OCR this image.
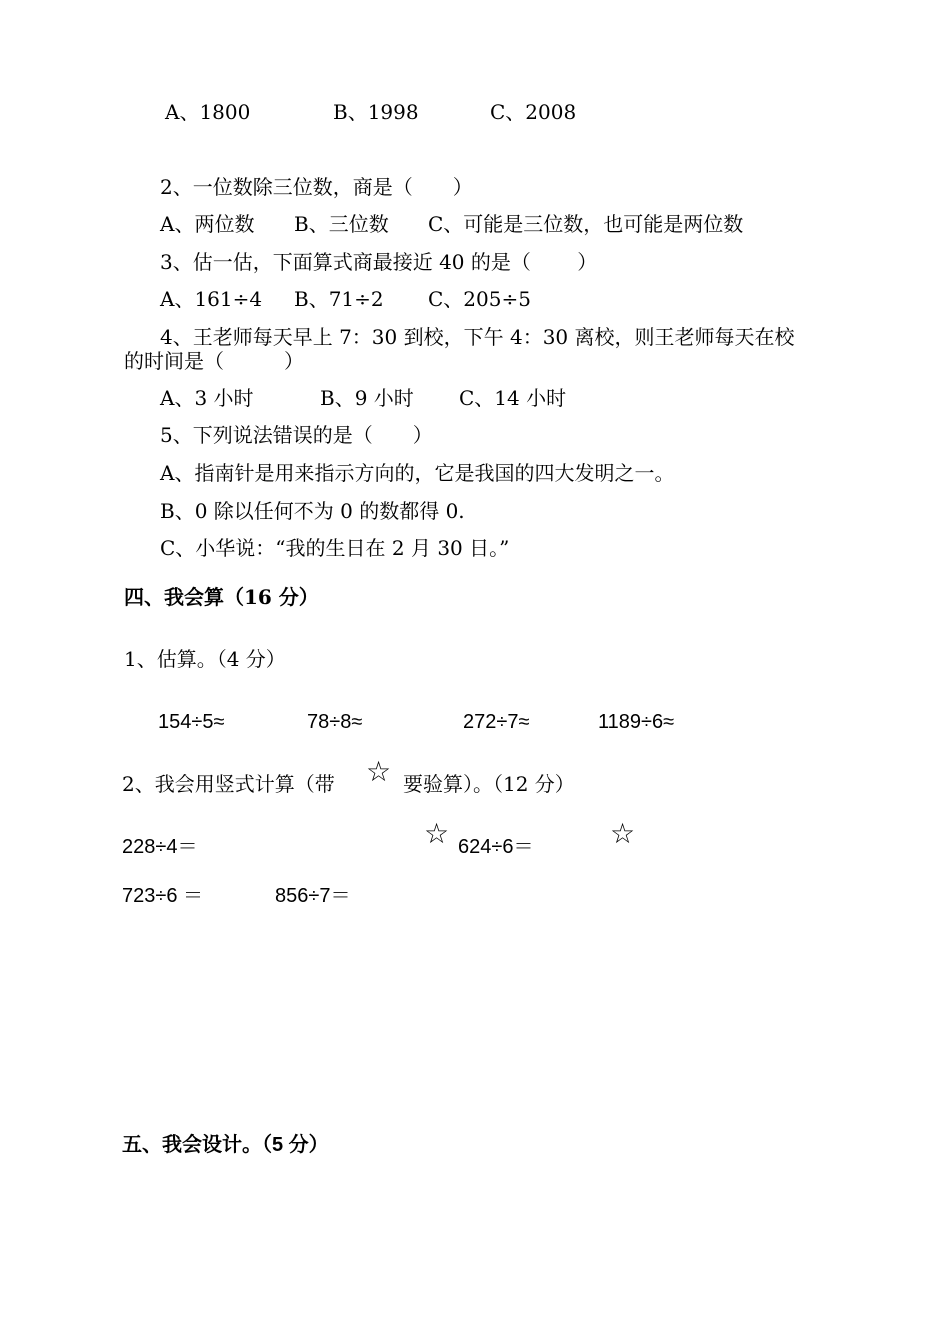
A、1800	B、1998	C、2008
2、一位数除三位数，商是（　　）
A、两位数 B、三位数 C、可能是三位数，也可能是两位数
3、估一估，下面算式商最接近 40 的是（　　 ）
A、161÷4 B、71÷2 C、205÷5
4、王老师每天早上 7：30 到校，下午 4：30 离校，则王老师每天在校
的时间是（　　　）
A、3 小时	B、9 小时 C、14 小时
5、下列说法错误的是（　　）
A、指南针是用来指示方向的，它是我国的四大发明之一。
B、0 除以任何不为 0 的数都得 0.
C、小华说：“我的生日在 2 月 30 日。”
四、我会算（16 分）
1、估算。（4 分）
154÷5≈	78÷8≈	272÷7≈	1189÷6≈
2、我会用竖式计算（带	要验算）。（12 分）
☆
228÷4＝	624÷6＝
☆	☆
723÷6 ＝	856÷7＝
五、我会设计。（5 分）
